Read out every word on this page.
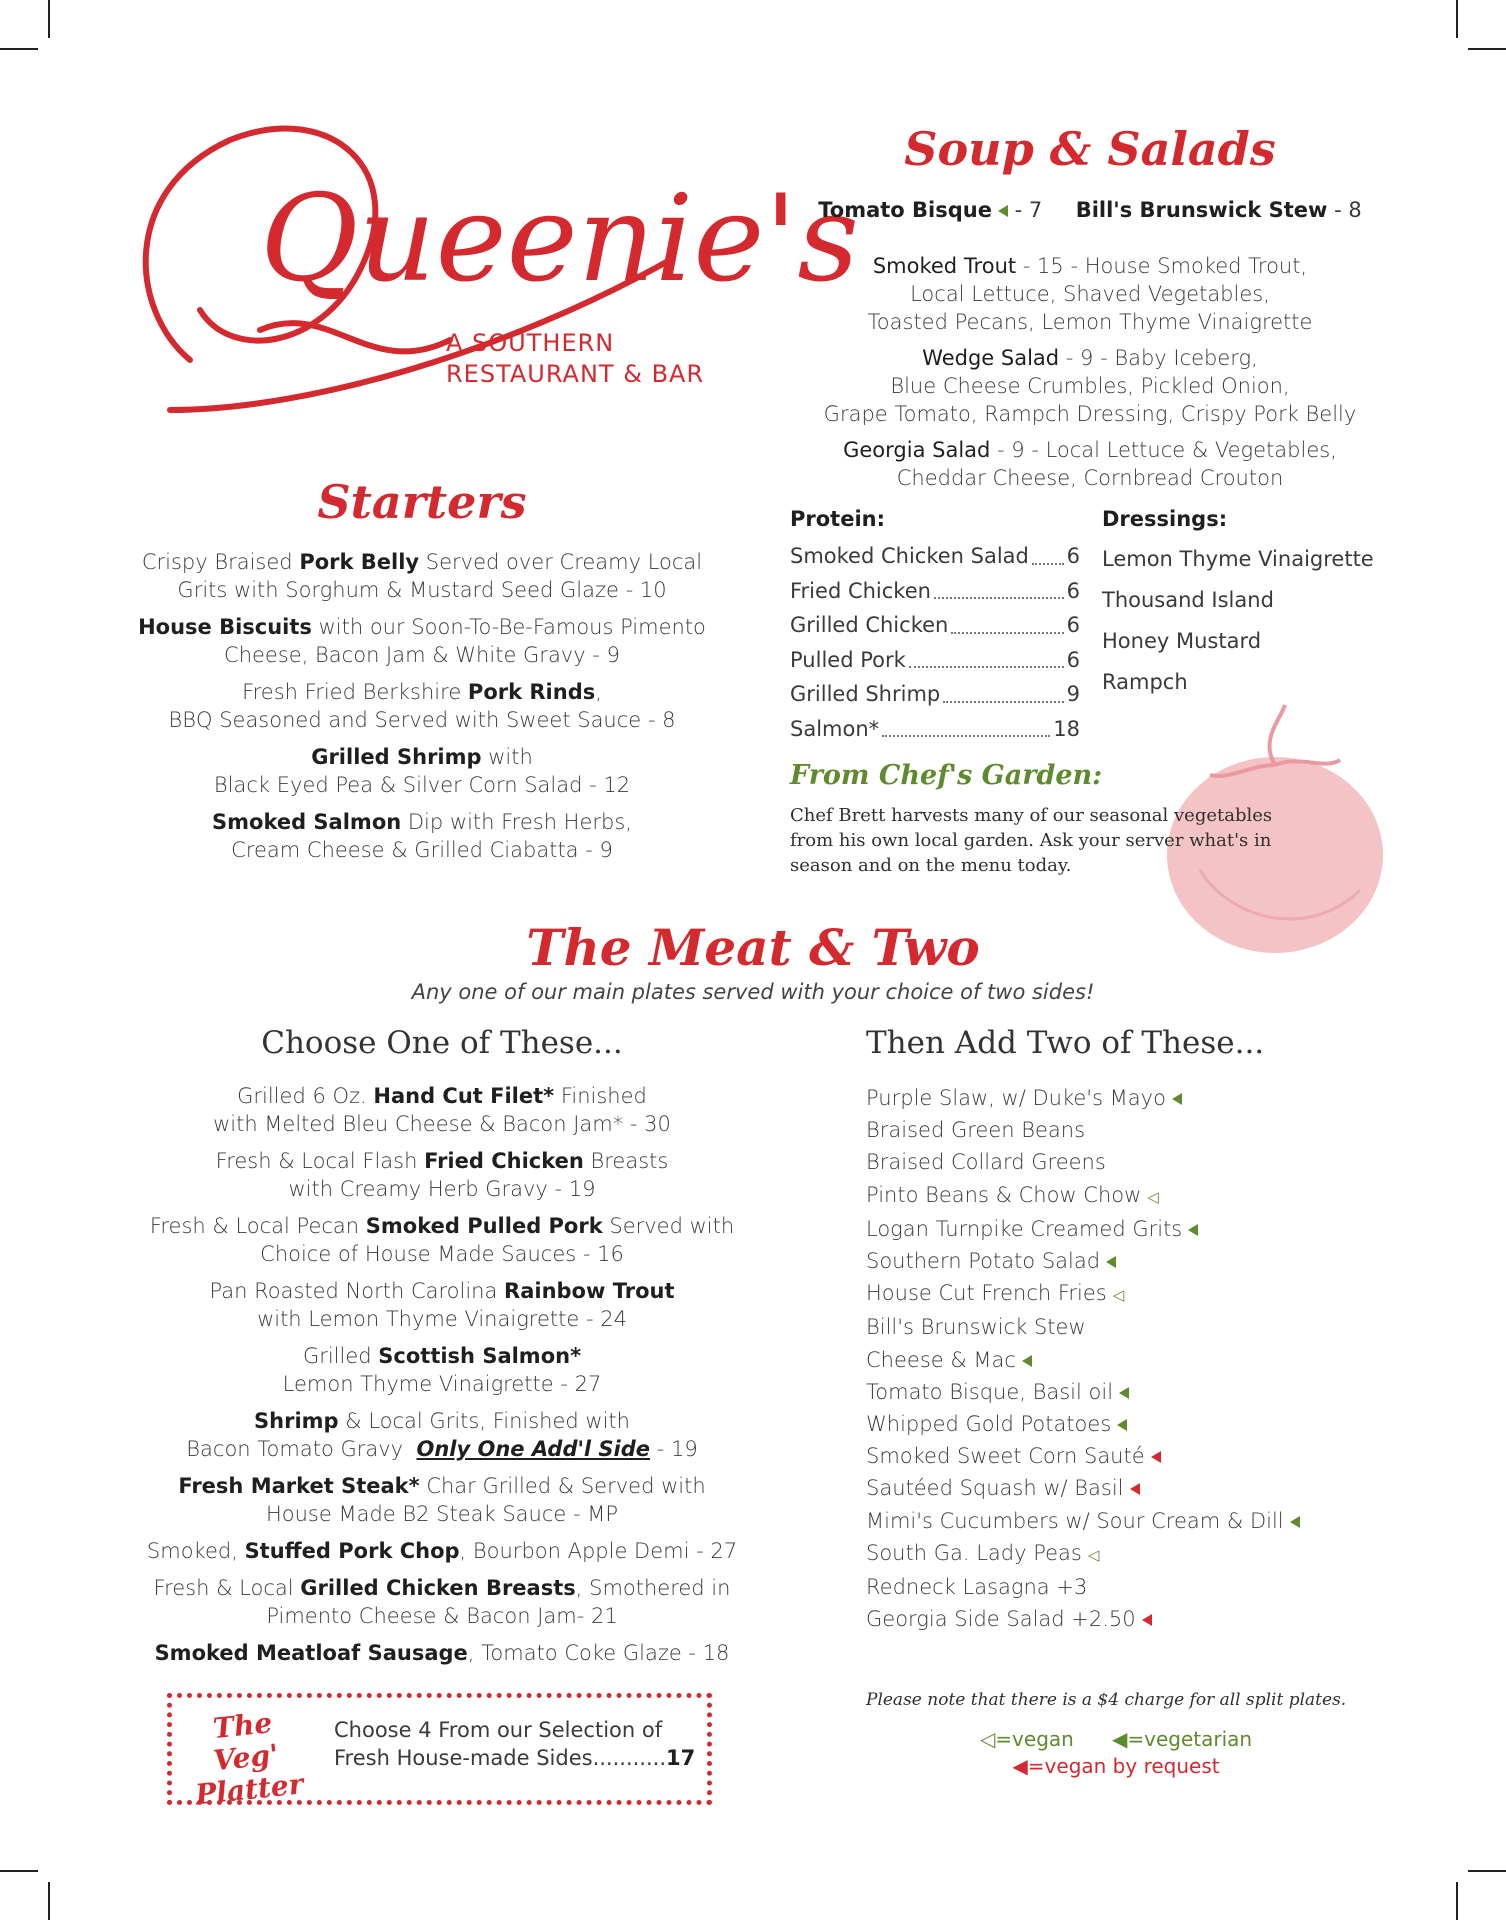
Queenie's
A SOUTHERN
RESTAURANT & BAR
Soup & Salads
Tomato Bisque - 7 Bill's Brunswick Stew - 8
Smoked Trout - 15 - House Smoked Trout,
Local Lettuce, Shaved Vegetables,
Toasted Pecans, Lemon Thyme Vinaigrette
Wedge Salad - 9 - Baby Iceberg,
Blue Cheese Crumbles, Pickled Onion,
Grape Tomato, Rampch Dressing, Crispy Pork Belly
Georgia Salad - 9 - Local Lettuce & Vegetables,
Cheddar Cheese, Cornbread Crouton
Protein:
Smoked Chicken Salad 6
Fried Chicken	6
Grilled Chicken	6
Pulled Pork	6
Grilled Shrimp	9
Salmon*	18
Dressings:
Lemon Thyme Vinaigrette
Thousand Island
Honey Mustard
Rampch
From Chef's Garden:
Chef Brett harvests many of our seasonal vegetables
from his own local garden. Ask your server what's in
season and on the menu today.
Starters
Crispy Braised Pork Belly Served over Creamy Local
Grits with Sorghum & Mustard Seed Glaze - 10
House Biscuits with our Soon-To-Be-Famous Pimento
Cheese, Bacon Jam & White Gravy - 9
Fresh Fried Berkshire Pork Rinds,
BBQ Seasoned and Served with Sweet Sauce - 8
Grilled Shrimp with
Black Eyed Pea & Silver Corn Salad - 12
Smoked Salmon Dip with Fresh Herbs,
Cream Cheese & Grilled Ciabatta - 9
The Meat & Two
Any one of our main plates served with your choice of two sides!
Choose One of These...
Grilled 6 Oz. Hand Cut Filet* Finished
with Melted Bleu Cheese & Bacon Jam* - 30
Fresh & Local Flash Fried Chicken Breasts
with Creamy Herb Gravy - 19
Fresh & Local Pecan Smoked Pulled Pork Served with
Choice of House Made Sauces - 16
Pan Roasted North Carolina Rainbow Trout
with Lemon Thyme Vinaigrette - 24
Grilled Scottish Salmon*
Lemon Thyme Vinaigrette - 27
Shrimp & Local Grits, Finished with
Bacon Tomato Gravy Only One Add'l Side - 19
Fresh Market Steak* Char Grilled & Served with
House Made B2 Steak Sauce - MP
Smoked, Stuffed Pork Chop, Bourbon Apple Demi - 27
Fresh & Local Grilled Chicken Breasts, Smothered in
Pimento Cheese & Bacon Jam- 21
Smoked Meatloaf Sausage, Tomato Coke Glaze - 18
Then Add Two of These...
Purple Slaw, w/ Duke's Mayo
Braised Green Beans
Braised Collard Greens
Pinto Beans & Chow Chow ◁
Logan Turnpike Creamed Grits
Southern Potato Salad
House Cut French Fries ◁
Bill's Brunswick Stew
Cheese & Mac
Tomato Bisque, Basil oil
Whipped Gold Potatoes
Smoked Sweet Corn Sauté
Sautéed Squash w/ Basil
Mimi's Cucumbers w/ Sour Cream & Dill
South Ga. Lady Peas ◁
Redneck Lasagna +3
Georgia Side Salad +2.50
The Veg'
Platter
Choose 4 From our Selection of
Fresh House-made Sides...........17
Please note that there is a $4 charge for all split plates.
◁=vegan ◀=vegetarian
◀=vegan by request
